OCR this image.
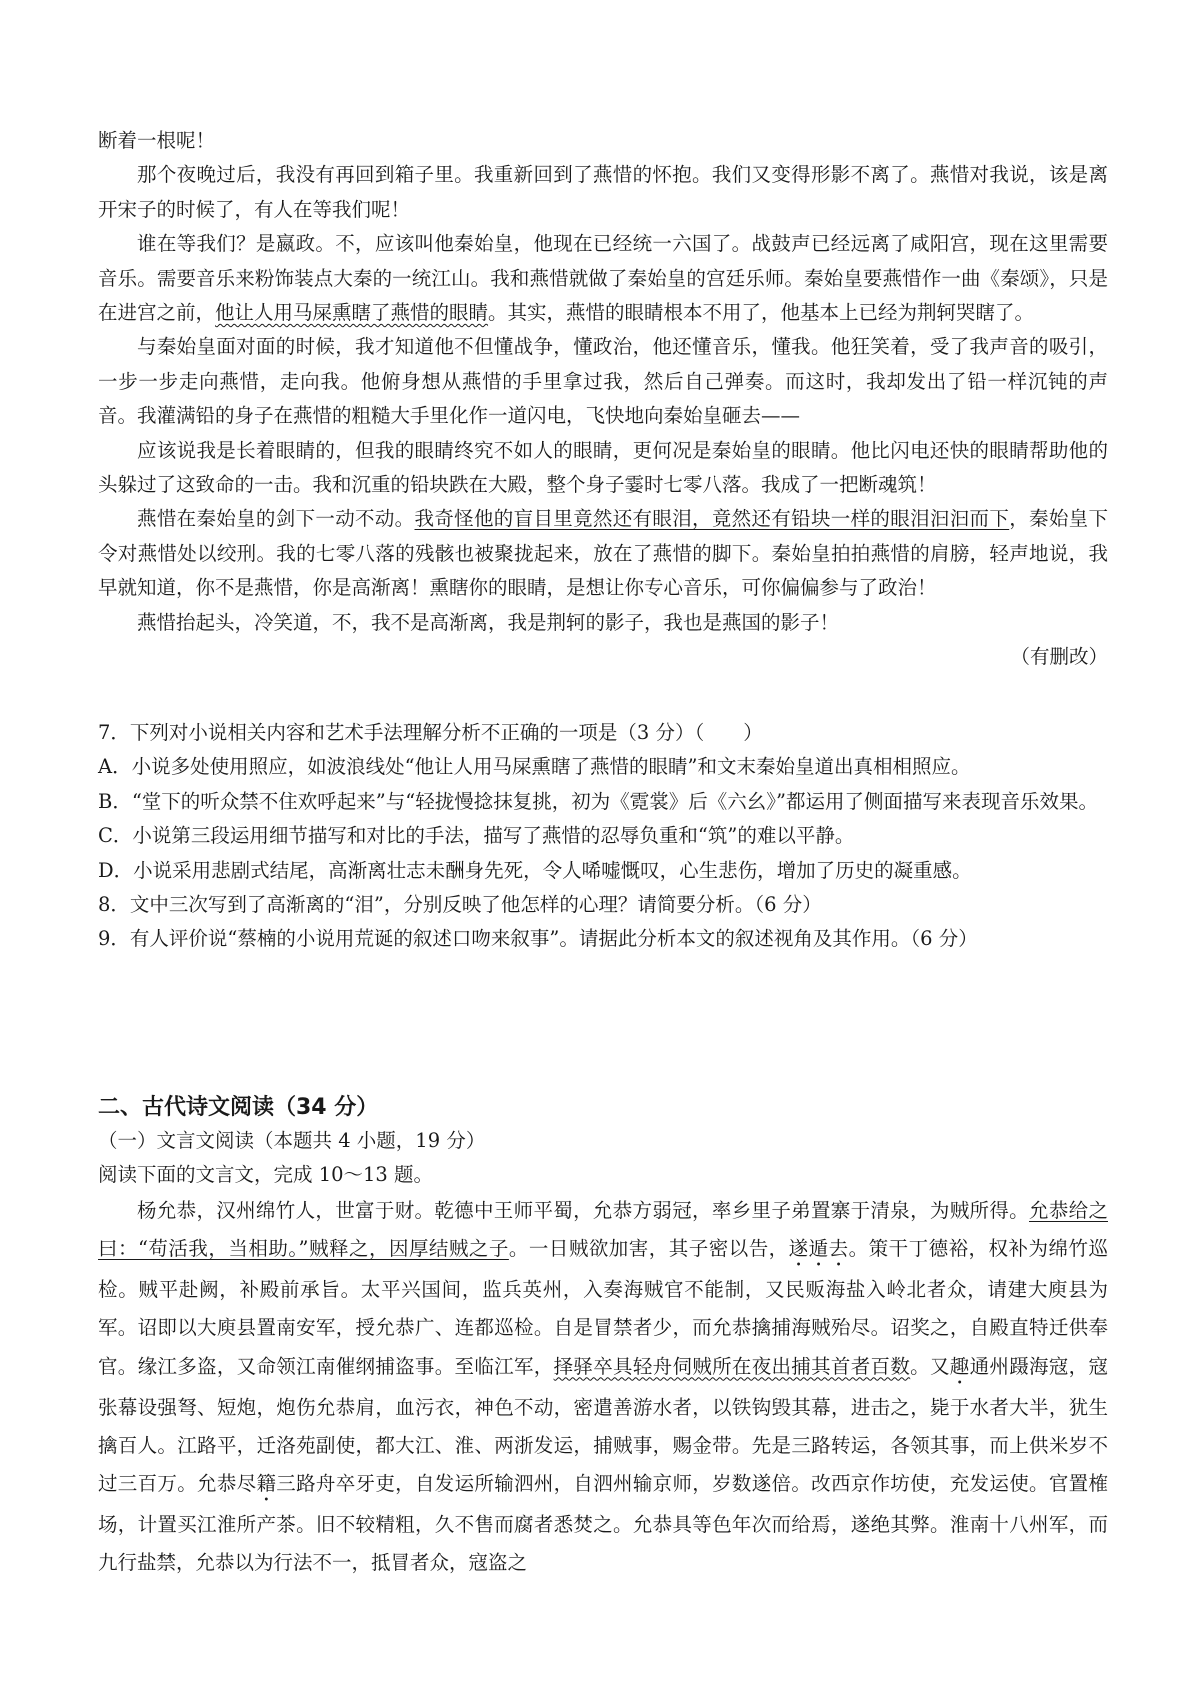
断着一根呢！
那个夜晚过后，我没有再回到箱子里。我重新回到了燕惜的怀抱。我们又变得形影不离了。燕惜对我说，该是离开宋子的时候了，有人在等我们呢！
谁在等我们？是嬴政。不，应该叫他秦始皇，他现在已经统一六国了。战鼓声已经远离了咸阳宫，现在这里需要音乐。需要音乐来粉饰装点大秦的一统江山。我和燕惜就做了秦始皇的宫廷乐师。秦始皇要燕惜作一曲《秦颂》，只是在进宫之前，他让人用马屎熏瞎了燕惜的眼睛。其实，燕惜的眼睛根本不用了，他基本上已经为荆轲哭瞎了。
与秦始皇面对面的时候，我才知道他不但懂战争，懂政治，他还懂音乐，懂我。他狂笑着，受了我声音的吸引，一步一步走向燕惜，走向我。他俯身想从燕惜的手里拿过我，然后自己弹奏。而这时，我却发出了铅一样沉钝的声音。我灌满铅的身子在燕惜的粗糙大手里化作一道闪电，飞快地向秦始皇砸去——
应该说我是长着眼睛的，但我的眼睛终究不如人的眼睛，更何况是秦始皇的眼睛。他比闪电还快的眼睛帮助他的头躲过了这致命的一击。我和沉重的铅块跌在大殿，整个身子霎时七零八落。我成了一把断魂筑！
燕惜在秦始皇的剑下一动不动。我奇怪他的盲目里竟然还有眼泪，竟然还有铅块一样的眼泪汩汩而下，秦始皇下令对燕惜处以绞刑。我的七零八落的残骸也被聚拢起来，放在了燕惜的脚下。秦始皇拍拍燕惜的肩膀，轻声地说，我早就知道，你不是燕惜，你是高渐离！熏瞎你的眼睛，是想让你专心音乐，可你偏偏参与了政治！
燕惜抬起头，冷笑道，不，我不是高渐离，我是荆轲的影子，我也是燕国的影子！
（有删改）
7．下列对小说相关内容和艺术手法理解分析不正确的一项是（3 分）（　　）
A．小说多处使用照应，如波浪线处“他让人用马屎熏瞎了燕惜的眼睛”和文末秦始皇道出真相相照应。
B．“堂下的听众禁不住欢呼起来”与“轻拢慢捻抹复挑，初为《霓裳》后《六幺》”都运用了侧面描写来表现音乐效果。
C．小说第三段运用细节描写和对比的手法，描写了燕惜的忍辱负重和“筑”的难以平静。
D．小说采用悲剧式结尾，高渐离壮志未酬身先死，令人唏嘘慨叹，心生悲伤，增加了历史的凝重感。
8．文中三次写到了高渐离的“泪”，分别反映了他怎样的心理？请简要分析。（6 分）
9．有人评价说“蔡楠的小说用荒诞的叙述口吻来叙事”。请据此分析本文的叙述视角及其作用。（6 分）
二、古代诗文阅读（34 分）
（一）文言文阅读（本题共 4 小题，19 分）
阅读下面的文言文，完成 10～13 题。
杨允恭，汉州绵竹人，世富于财。乾德中王师平蜀，允恭方弱冠，率乡里子弟置寨于清泉，为贼所得。允恭给之曰：“苟活我，当相助。”贼释之，因厚结贼之子。一日贼欲加害，其子密以告，遂遁去。策干丁德裕，权补为绵竹巡检。贼平赴阙，补殿前承旨。太平兴国间，监兵英州，入奏海贼官不能制，又民贩海盐入岭北者众，请建大庾县为军。诏即以大庾县置南安军，授允恭广、连都巡检。自是冒禁者少，而允恭擒捕海贼殆尽。诏奖之，自殿直特迁供奉官。缘江多盗，又命领江南催纲捕盗事。至临江军，择驿卒具轻舟伺贼所在夜出捕其首者百数。又趣通州蹑海寇，寇张幕设强弩、短炮，炮伤允恭肩，血污衣，神色不动，密遣善游水者，以铁钩毁其幕，进击之，毙于水者大半，犹生擒百人。江路平，迁洛苑副使，都大江、淮、两浙发运，捕贼事，赐金带。先是三路转运，各领其事，而上供米岁不过三百万。允恭尽籍三路舟卒牙吏，自发运所输泗州，自泗州输京师，岁数遂倍。改西京作坊使，充发运使。官置榷场，计置买江淮所产茶。旧不较精粗，久不售而腐者悉焚之。允恭具等色年次而给焉，遂绝其弊。淮南十八州军，而九行盐禁，允恭以为行法不一，抵冒者众，寇盗之
